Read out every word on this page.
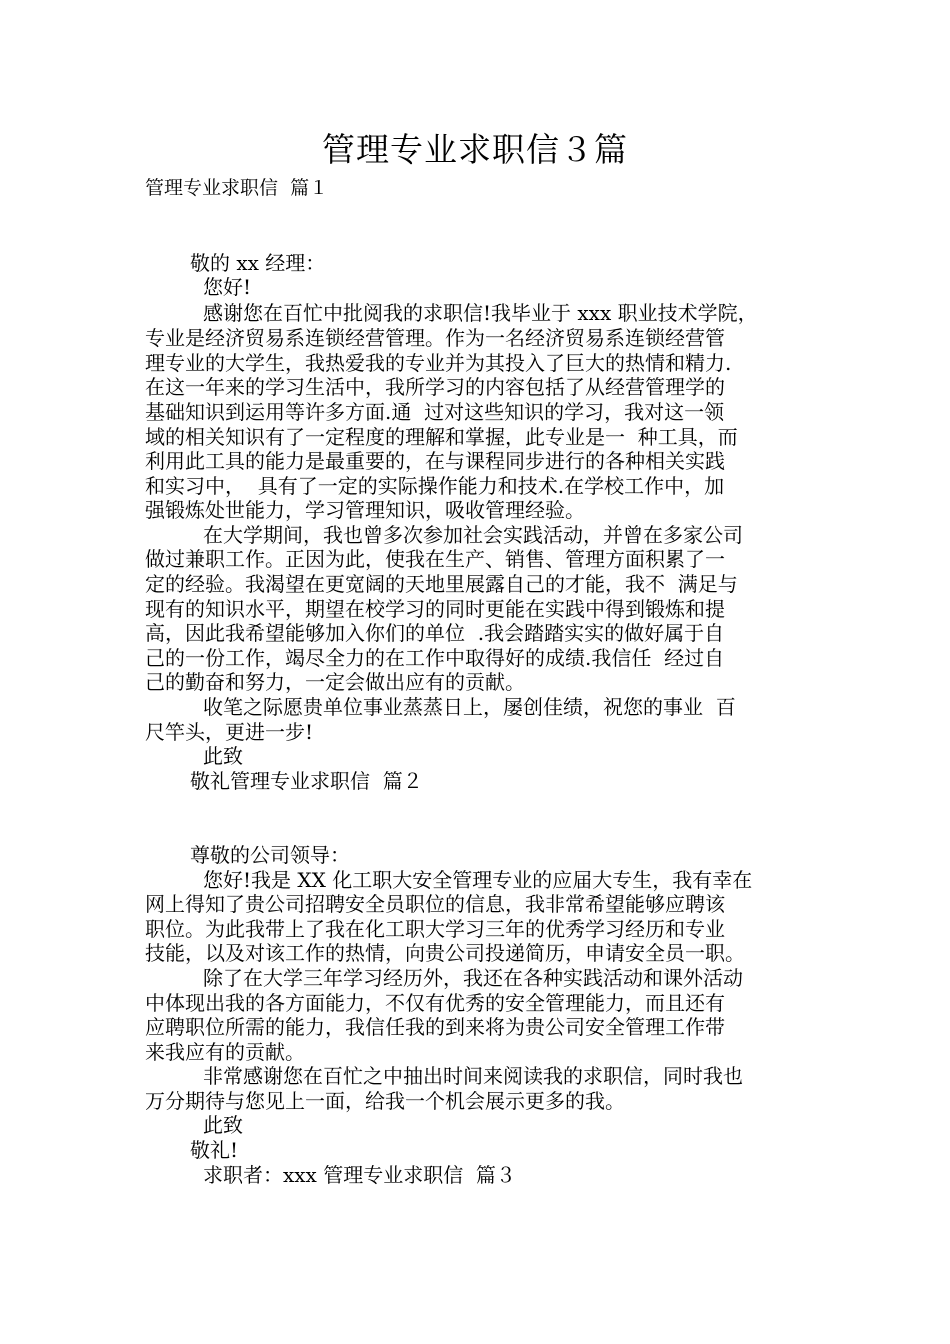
管理专业求职信３篇
管理专业求职信  篇１
敬的 xx 经理：
您好!
感谢您在百忙中批阅我的求职信!我毕业于 xxx 职业技术学院，
专业是经济贸易系连锁经营管理。作为一名经济贸易系连锁经营管
理专业的大学生，我热爱我的专业并为其投入了巨大的热情和精力.
在这一年来的学习生活中，我所学习的内容包括了从经营管理学的
基础知识到运用等许多方面.通  过对这些知识的学习，我对这一领
域的相关知识有了一定程度的理解和掌握，此专业是一  种工具，而
利用此工具的能力是最重要的，在与课程同步进行的各种相关实践
和实习中，  具有了一定的实际操作能力和技术.在学校工作中，加
强锻炼处世能力，学习管理知识，吸收管理经验。
在大学期间，我也曾多次参加社会实践活动，并曾在多家公司
做过兼职工作。正因为此，使我在生产、销售、管理方面积累了一
定的经验。我渴望在更宽阔的天地里展露自己的才能，我不  满足与
现有的知识水平，期望在校学习的同时更能在实践中得到锻炼和提
高，因此我希望能够加入你们的单位  .我会踏踏实实的做好属于自
己的一份工作，竭尽全力的在工作中取得好的成绩.我信任  经过自
己的勤奋和努力，一定会做出应有的贡献。
收笔之际愿贵单位事业蒸蒸日上，屡创佳绩，祝您的事业  百
尺竿头，更进一步!
此致
敬礼管理专业求职信  篇２
尊敬的公司领导：
您好!我是 XX 化工职大安全管理专业的应届大专生，我有幸在
网上得知了贵公司招聘安全员职位的信息，我非常希望能够应聘该
职位。为此我带上了我在化工职大学习三年的优秀学习经历和专业
技能，以及对该工作的热情，向贵公司投递简历，申请安全员一职。
除了在大学三年学习经历外，我还在各种实践活动和课外活动
中体现出我的各方面能力，不仅有优秀的安全管理能力，而且还有
应聘职位所需的能力，我信任我的到来将为贵公司安全管理工作带
来我应有的贡献。
非常感谢您在百忙之中抽出时间来阅读我的求职信，同时我也
万分期待与您见上一面，给我一个机会展示更多的我。
此致
敬礼!
求职者：xxx 管理专业求职信  篇３
